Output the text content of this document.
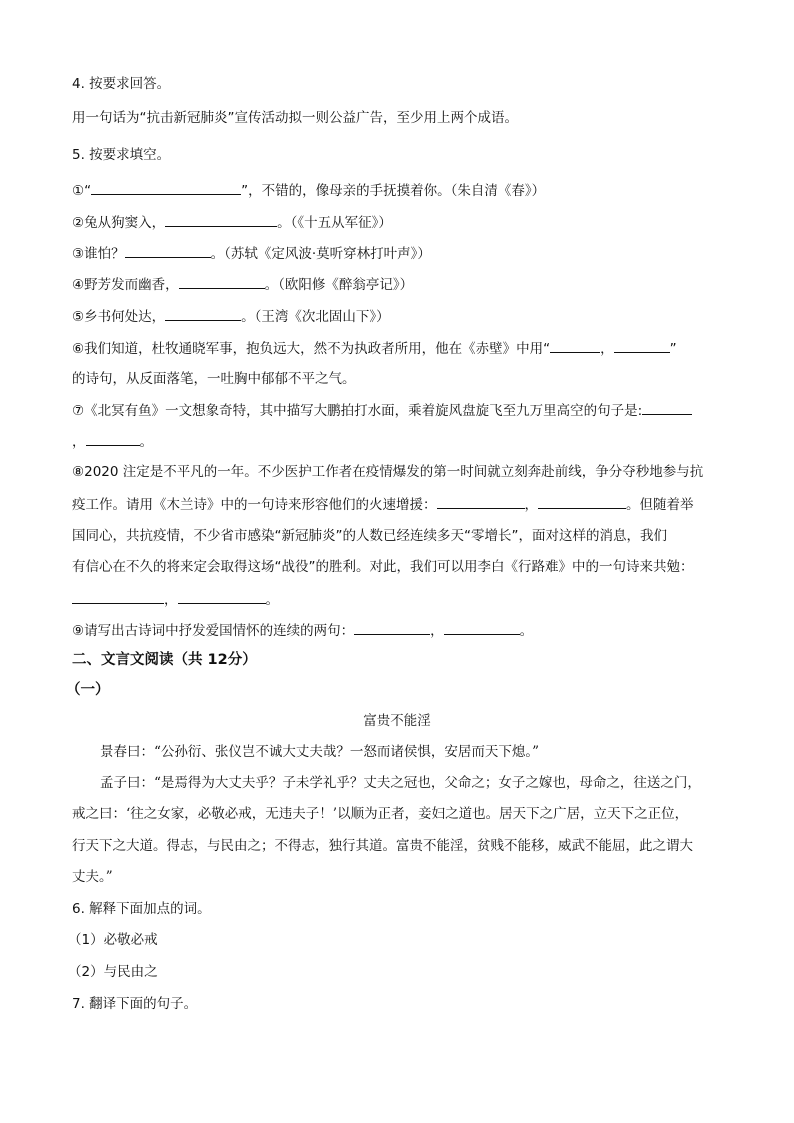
4. 按要求回答。
用一句话为“抗击新冠肺炎”宣传活动拟一则公益广告，至少用上两个成语。
5. 按要求填空。
①“	”，不错的，像母亲的手抚摸着你。（朱自清《春》）
②兔从狗窦入，	。（《十五从军征》）
③谁怕？	。（苏轼《定风波·莫听穿林打叶声》）
④野芳发而幽香，	。（欧阳修《醉翁亭记》）
⑤乡书何处达，	。（王湾《次北固山下》）
⑥我们知道，杜牧通晓军事，抱负远大，然不为执政者所用，他在《赤壁》中用“	，	”
的诗句，从反面落笔，一吐胸中郁郁不平之气。
⑦《北冥有鱼》一文想象奇特，其中描写大鹏拍打水面，乘着旋风盘旋飞至九万里高空的句子是:
，	。
⑧2020 注定是不平凡的一年。不少医护工作者在疫情爆发的第一时间就立刻奔赴前线，争分夺秒地参与抗
疫工作。请用《木兰诗》中的一句诗来形容他们的火速增援：	，	。但随着举
国同心，共抗疫情，不少省市感染“新冠肺炎”的人数已经连续多天“零增长”，面对这样的消息，我们
有信心在不久的将来定会取得这场“战役”的胜利。对此，我们可以用李白《行路难》中的一句诗来共勉：
，	。
⑨请写出古诗词中抒发爱国情怀的连续的两句：	，	。
二、文言文阅读（共 12分）
（一）
富贵不能淫
景春曰：“公孙衍、张仪岂不诚大丈夫哉？一怒而诸侯惧，安居而天下熄。”
孟子曰：“是焉得为大丈夫乎？子未学礼乎？丈夫之冠也，父命之；女子之嫁也，母命之，往送之门，
戒之曰：‘往之女家，必敬必戒，无违夫子！’以顺为正者，妾妇之道也。居天下之广居，立天下之正位，
行天下之大道。得志，与民由之；不得志，独行其道。富贵不能淫，贫贱不能移，威武不能屈，此之谓大
丈夫。”
6. 解释下面加点的词。
（1）必敬必戒
（2）与民由之
7. 翻译下面的句子。
